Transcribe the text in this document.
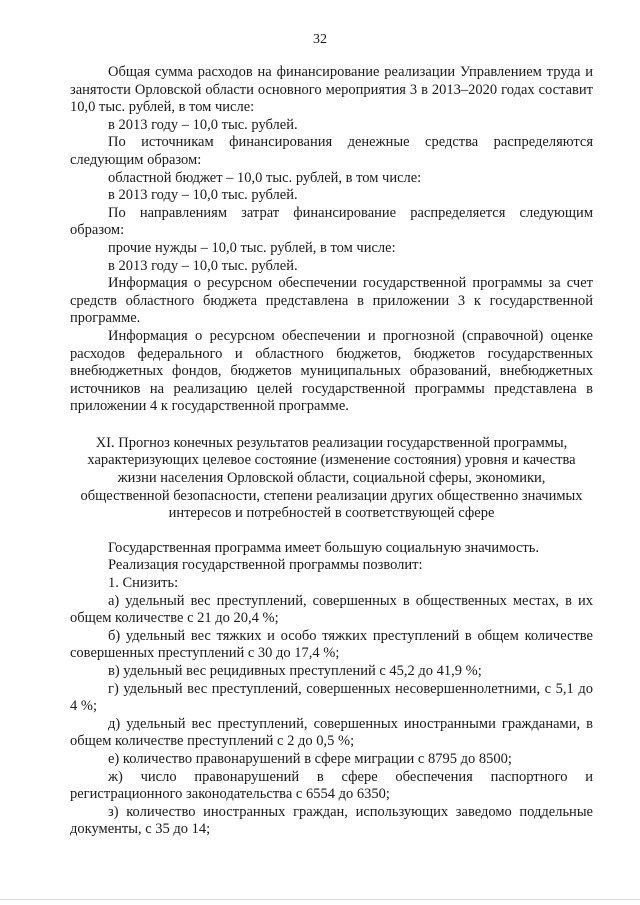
32

Общая сумма расходов на финансирование реализации Управлением труда и занятости Орловской области основного мероприятия 3 в 2013–2020 годах составит 10,0 тыс. рублей, в том числе:

в 2013 году – 10,0 тыс. рублей.

По источникам финансирования денежные средства распределяются следующим образом:

областной бюджет – 10,0 тыс. рублей, в том числе:

в 2013 году – 10,0 тыс. рублей.

По направлениям затрат финансирование распределяется следующим образом:

прочие нужды – 10,0 тыс. рублей, в том числе:

в 2013 году – 10,0 тыс. рублей.

Информация о ресурсном обеспечении государственной программы за счет средств областного бюджета представлена в приложении 3 к государственной программе.

Информация о ресурсном обеспечении и прогнозной (справочной) оценке расходов федерального и областного бюджетов, бюджетов государственных внебюджетных фондов, бюджетов муниципальных образований, внебюджетных источников на реализацию целей государственной программы представлена в приложении 4 к государственной программе.

XI. Прогноз конечных результатов реализации государственной программы, характеризующих целевое состояние (изменение состояния) уровня и качества жизни населения Орловской области, социальной сферы, экономики, общественной безопасности, степени реализации других общественно значимых интересов и потребностей в соответствующей сфере

Государственная программа имеет большую социальную значимость.

Реализация государственной программы позволит:

1. Снизить:

а) удельный вес преступлений, совершенных в общественных местах, в их общем количестве с 21 до 20,4 %;

б) удельный вес тяжких и особо тяжких преступлений в общем количестве совершенных преступлений с 30 до 17,4 %;

в) удельный вес рецидивных преступлений с 45,2 до 41,9 %;

г) удельный вес преступлений, совершенных несовершеннолетними, с 5,1 до 4 %;

д) удельный вес преступлений, совершенных иностранными гражданами, в общем количестве преступлений с 2 до 0,5 %;

е) количество правонарушений в сфере миграции с 8795 до 8500;

ж) число правонарушений в сфере обеспечения паспортного и регистрационного законодательства с 6554 до 6350;

з) количество иностранных граждан, использующих заведомо поддельные документы, с 35 до 14;
